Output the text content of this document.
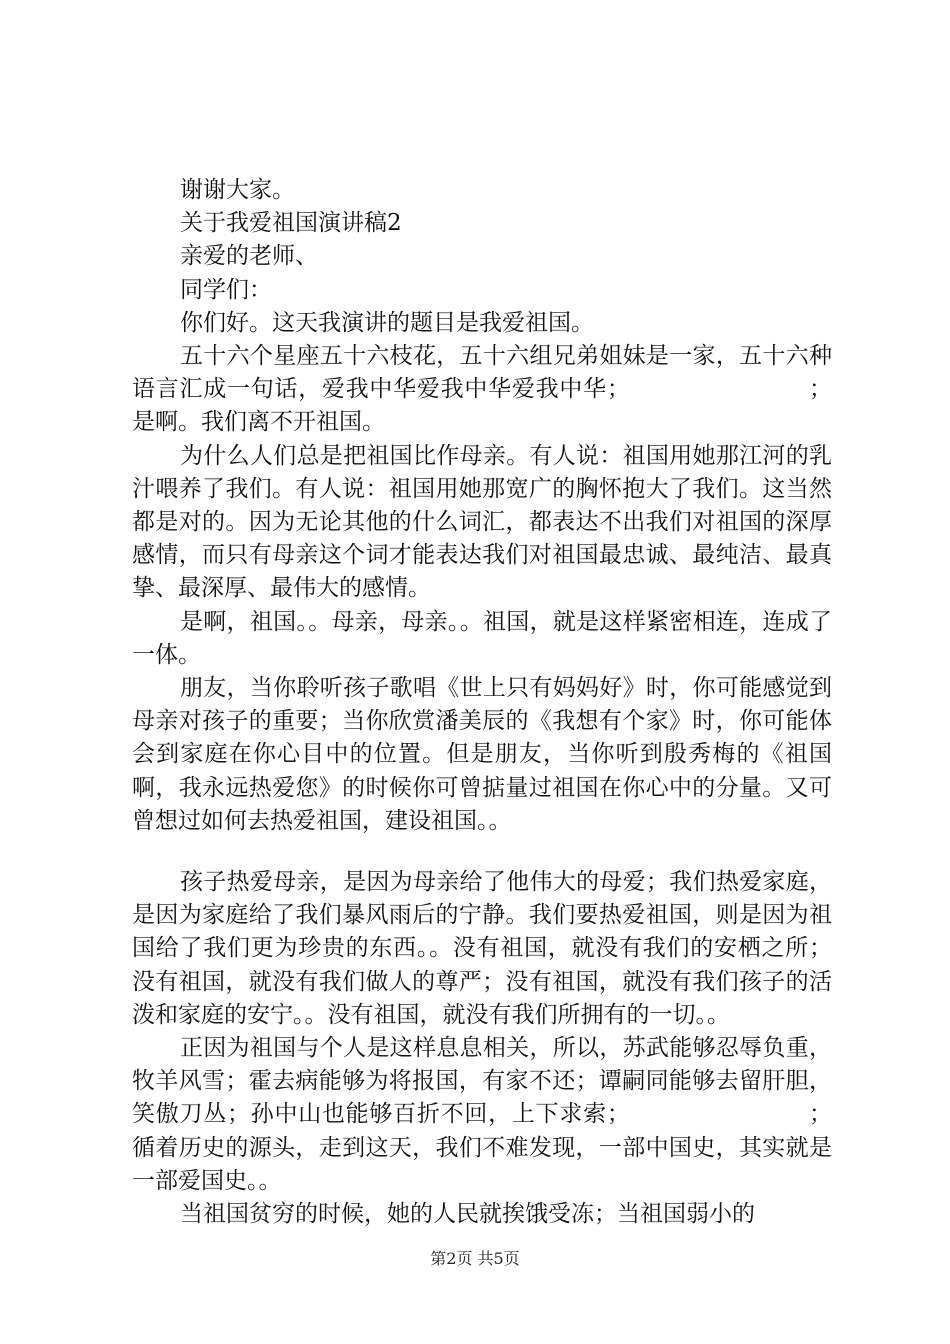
谢谢大家。

关于我爱祖国演讲稿2

亲爱的老师、

同学们：

你们好。这天我演讲的题目是我爱祖国。

五十六个星座五十六枝花，五十六组兄弟姐妹是一家，五十六种语言汇成一句话，爱我中华爱我中华爱我中华；　　　　　　　　；是啊。我们离不开祖国。

为什么人们总是把祖国比作母亲。有人说：祖国用她那江河的乳汁喂养了我们。有人说：祖国用她那宽广的胸怀抱大了我们。这当然都是对的。因为无论其他的什么词汇，都表达不出我们对祖国的深厚感情，而只有母亲这个词才能表达我们对祖国最忠诚、最纯洁、最真挚、最深厚、最伟大的感情。

是啊，祖国。。母亲，母亲。。祖国，就是这样紧密相连，连成了一体。

朋友，当你聆听孩子歌唱《世上只有妈妈好》时，你可能感觉到母亲对孩子的重要；当你欣赏潘美辰的《我想有个家》时，你可能体会到家庭在你心目中的位置。但是朋友，当你听到殷秀梅的《祖国啊，我永远热爱您》的时候你可曾掂量过祖国在你心中的分量。又可曾想过如何去热爱祖国，建设祖国。。

孩子热爱母亲，是因为母亲给了他伟大的母爱；我们热爱家庭，是因为家庭给了我们暴风雨后的宁静。我们要热爱祖国，则是因为祖国给了我们更为珍贵的东西。。没有祖国，就没有我们的安栖之所；没有祖国，就没有我们做人的尊严；没有祖国，就没有我们孩子的活泼和家庭的安宁。。没有祖国，就没有我们所拥有的一切。。

正因为祖国与个人是这样息息相关，所以，苏武能够忍辱负重，牧羊风雪；霍去病能够为将报国，有家不还；谭嗣同能够去留肝胆，笑傲刀丛；孙中山也能够百折不回，上下求索；　　　　　　　　；循着历史的源头，走到这天，我们不难发现，一部中国史，其实就是一部爱国史。。

当祖国贫穷的时候，她的人民就挨饿受冻；当祖国弱小的

第2页 共5页
